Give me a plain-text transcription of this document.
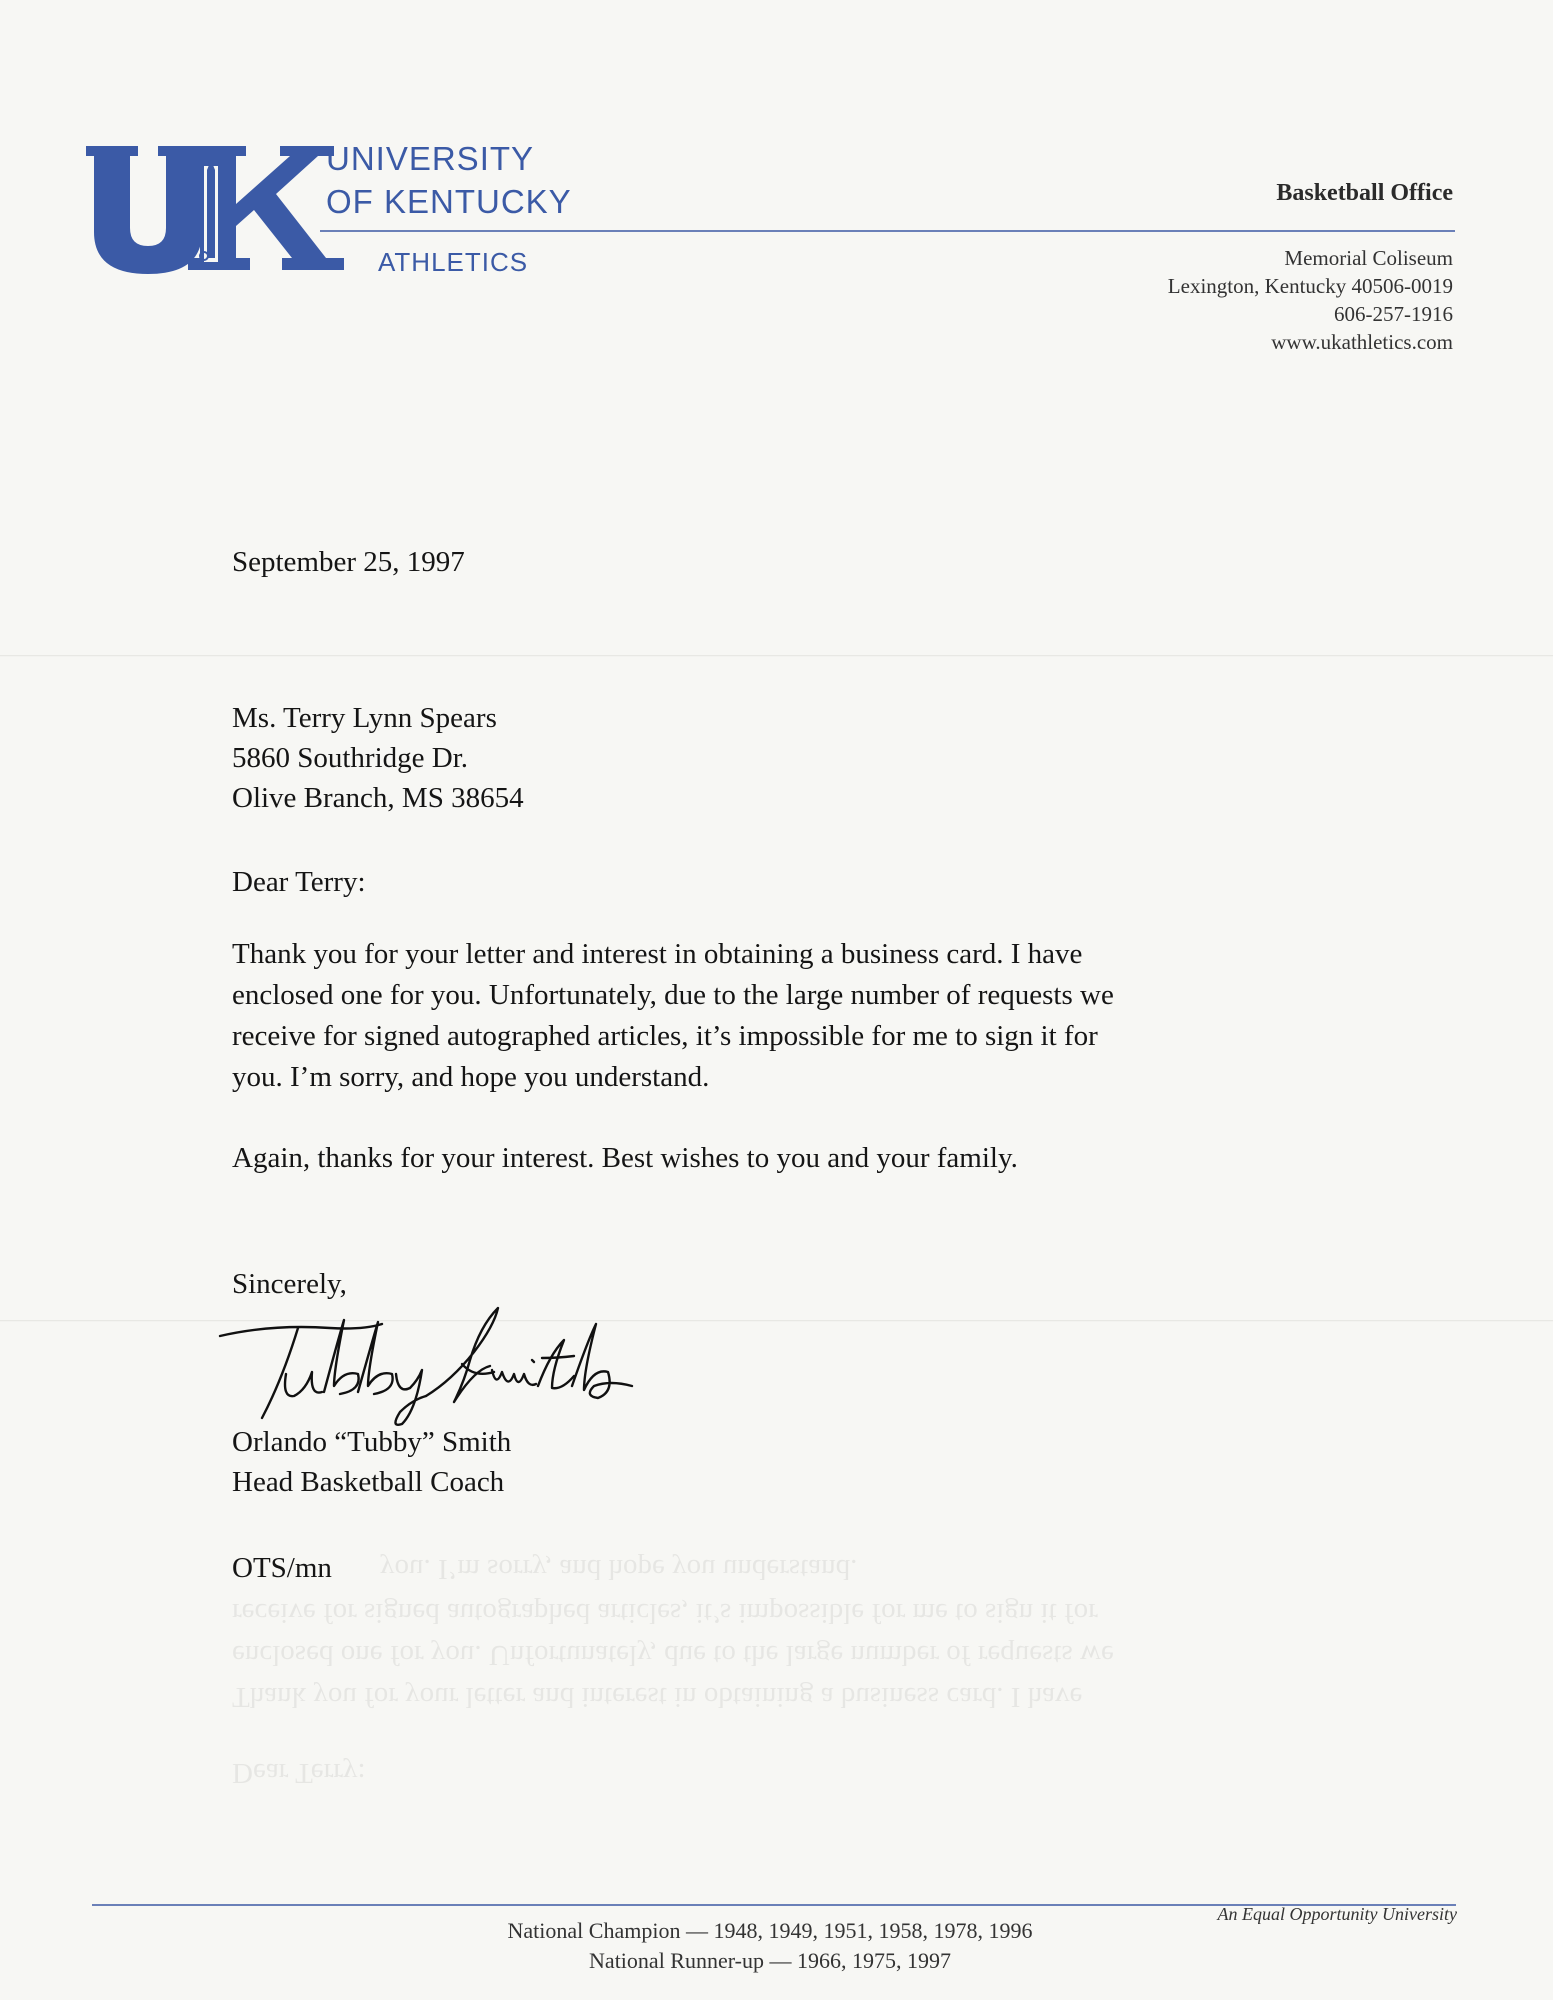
UNIVERSITY
OF KENTUCKY
ATHLETICS
Basketball Office
Memorial Coliseum
Lexington, Kentucky 40506-0019
606-257-1916
www.ukathletics.com
September 25, 1997
Ms. Terry Lynn Spears
5860 Southridge Dr.
Olive Branch, MS 38654
Dear Terry:
Thank you for your letter and interest in obtaining a business card. I have
enclosed one for you. Unfortunately, due to the large number of requests we
receive for signed autographed articles, it’s impossible for me to sign it for
you. I’m sorry, and hope you understand.
Again, thanks for your interest. Best wishes to you and your family.
Sincerely,
Orlando “Tubby” Smith
Head Basketball Coach
OTS/mn you. I’m sorry, and hope you understand.
receive for signed autographed articles, it’s impossible for me to sign it for
enclosed one for you. Unfortunately, due to the large number of requests we
Thank you for your letter and interest in obtaining a business card. I have
Dear Terry:
National Champion — 1948, 1949, 1951, 1958, 1978, 1996
National Runner-up — 1966, 1975, 1997
An Equal Opportunity University
